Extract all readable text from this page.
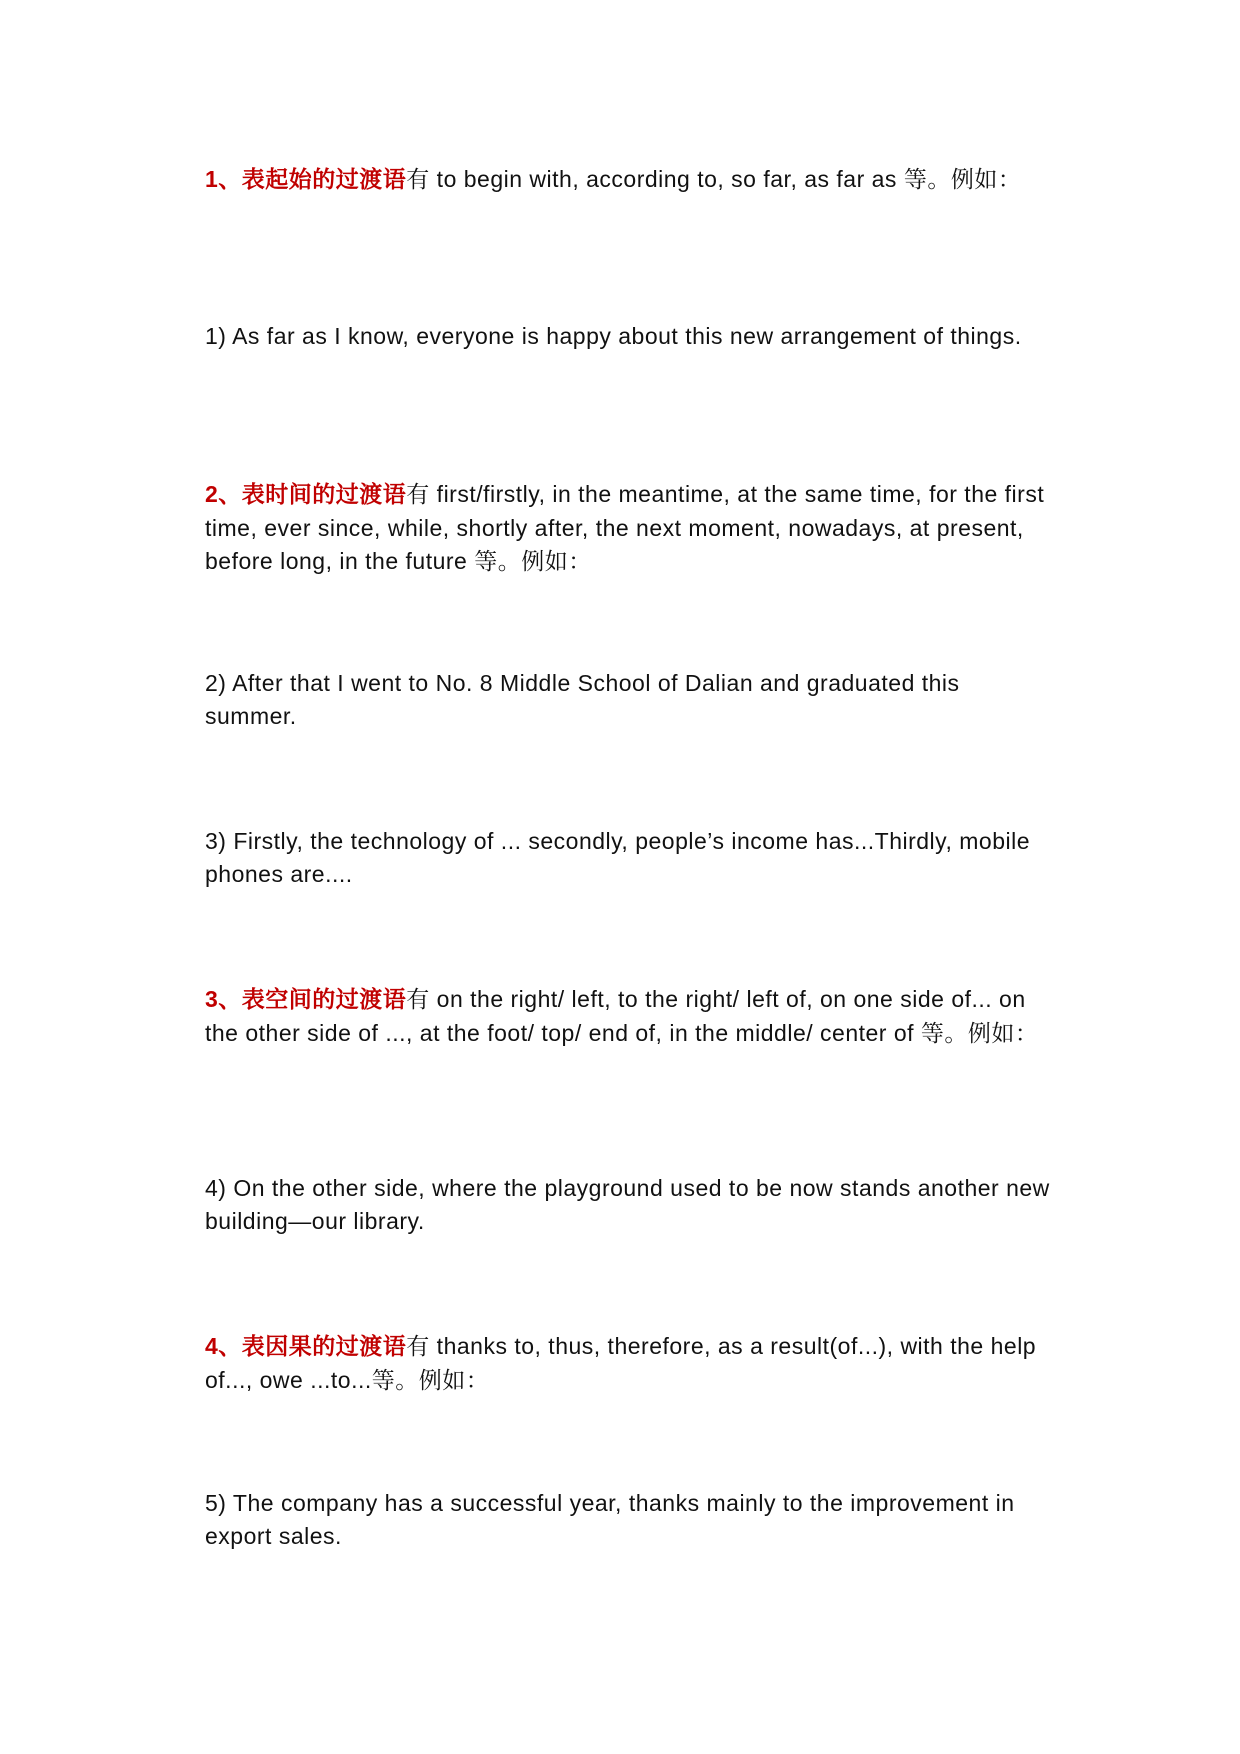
1、表起始的过渡语有 to begin with, according to, so far, as far as 等。例如：

1) As far as I know, everyone is happy about this new arrangement of things.

2、表时间的过渡语有 first/firstly, in the meantime, at the same time, for the first time, ever since, while, shortly after, the next moment, nowadays, at present, before long, in the future 等。例如：

2) After that I went to No. 8 Middle School of Dalian and graduated this summer.

3) Firstly, the technology of ... secondly, people’s income has...Thirdly, mobile phones are....

3、表空间的过渡语有 on the right/ left, to the right/ left of, on one side of... on the other side of ..., at the foot/ top/ end of, in the middle/ center of 等。例如：

4) On the other side, where the playground used to be now stands another new building—our library.

4、表因果的过渡语有 thanks to, thus, therefore, as a result(of...), with the help of..., owe ...to...等。例如：

5) The company has a successful year, thanks mainly to the improvement in export sales.
